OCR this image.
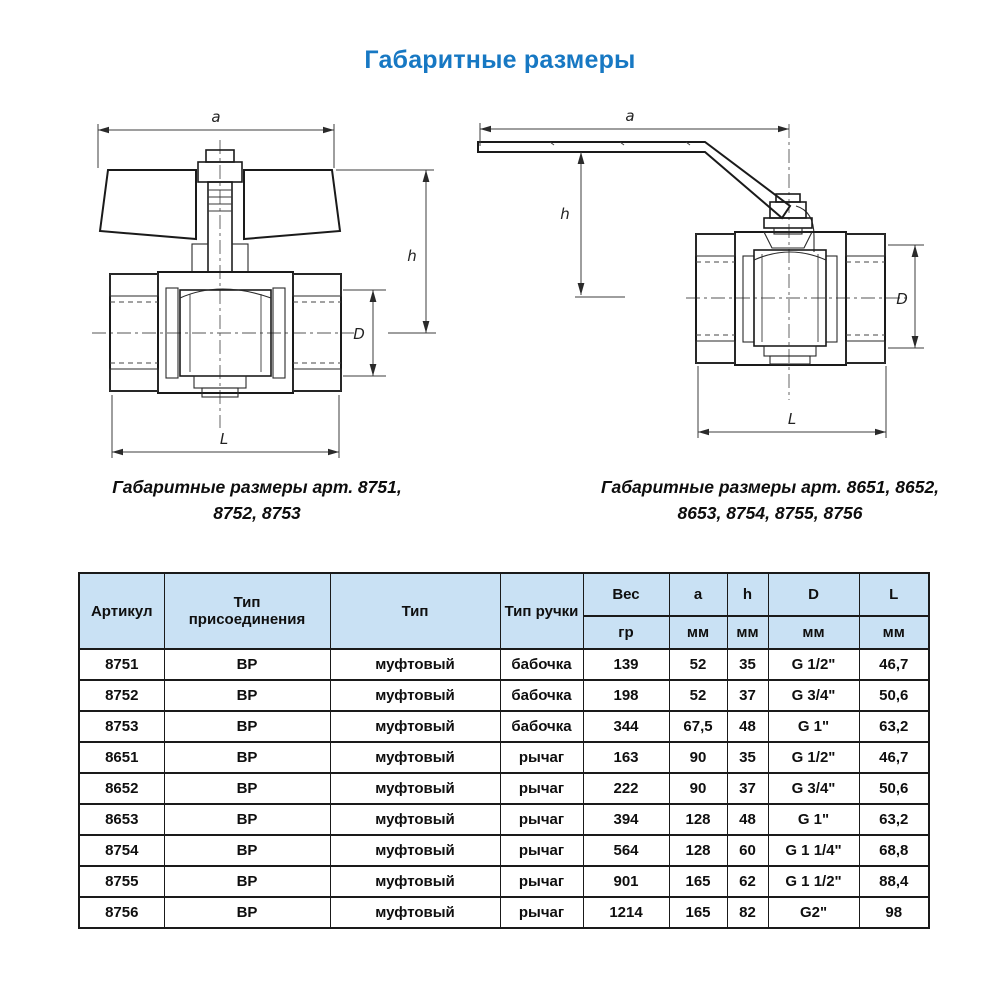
Габаритные размеры
a
h
D
L
a
h
D
L
Габаритные размеры арт. 8751,
8752, 8753
Габаритные размеры арт. 8651, 8652,
8653, 8754, 8755, 8756
Артикул	Тип присоединения	Тип	Тип ручки	Вес	a	h	D	L
				гр	мм	мм	мм	мм
8751	ВР	муфтовый	бабочка	139	52	35	G 1/2"	46,7
8752	ВР	муфтовый	бабочка	198	52	37	G 3/4"	50,6
8753	ВР	муфтовый	бабочка	344	67,5	48	G 1"	63,2
8651	ВР	муфтовый	рычаг	163	90	35	G 1/2"	46,7
8652	ВР	муфтовый	рычаг	222	90	37	G 3/4"	50,6
8653	ВР	муфтовый	рычаг	394	128	48	G 1"	63,2
8754	ВР	муфтовый	рычаг	564	128	60	G 1 1/4"	68,8
8755	ВР	муфтовый	рычаг	901	165	62	G 1 1/2"	88,4
8756	ВР	муфтовый	рычаг	1214	165	82	G2"	98
